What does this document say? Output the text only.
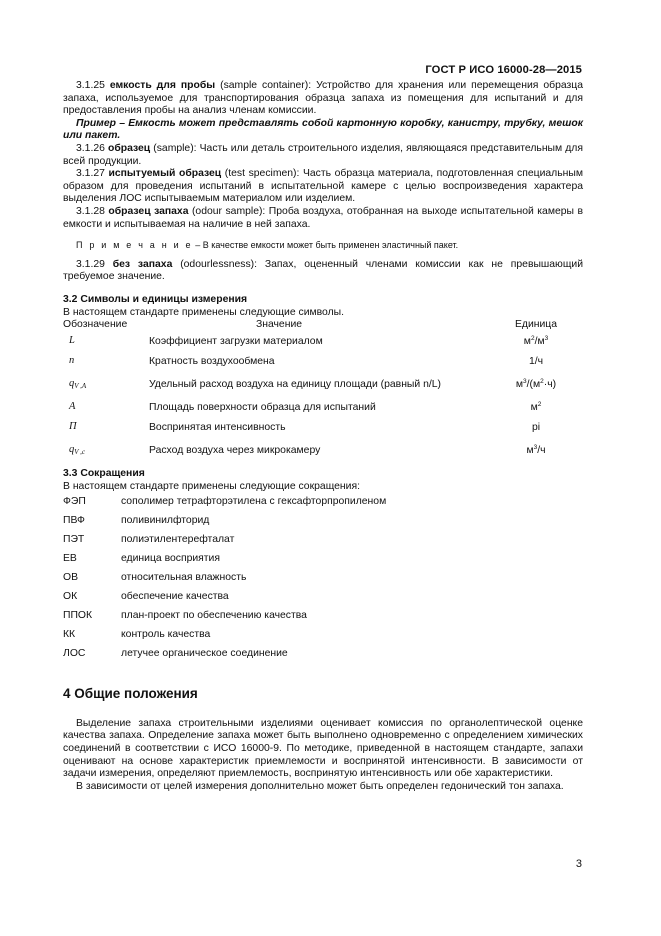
ГОСТ Р ИСО 16000-28—2015

3.1.25 емкость для пробы (sample container): Устройство для хранения или перемещения образца запаха, используемое для транспортирования образца запаха из помещения для испытаний и для предоставления пробы на анализ членам комиссии.

Пример – Емкость может представлять собой картонную коробку, канистру, трубку, мешок или пакет.

3.1.26 образец (sample): Часть или деталь строительного изделия, являющаяся представительным для всей продукции.

3.1.27 испытуемый образец (test specimen): Часть образца материала, подготовленная специальным образом для проведения испытаний в испытательной камере с целью воспроизведения характера выделения ЛОС испытываемым материалом или изделием.

3.1.28 образец запаха (odour sample): Проба воздуха, отобранная на выходе испытательной камеры в емкости и испытываемая на наличие в ней запаха.

П р и м е ч а н и е – В качестве емкости может быть применен эластичный пакет.

3.1.29 без запаха (odourlessness): Запах, оцененный членами комиссии как не превышающий требуемое значение.

3.2 Символы и единицы измерения

В настоящем стандарте применены следующие символы.

Обозначение	Значение	Единица
L	Коэффициент загрузки материалом	$м^2/м^3$
n	Кратность воздухообмена	1/ч
qV ,A	Удельный расход воздуха на единицу площади (равный n/L)	$м^3/(м^2\cdot ч)$
A	Площадь поверхности образца для испытаний	$м^2$
П	Воспринятая интенсивность	pi
qV ,c	Расход воздуха через микрокамеру	$м^3/ч$

3.3 Сокращения

В настоящем стандарте применены следующие сокращения:

ФЭП	сополимер тетрафторэтилена с гексафторпропиленом
ПВФ	поливинилфторид
ПЭТ	полиэтилентерефталат
ЕВ	единица восприятия
ОВ	относительная влажность
ОК	обеспечение качества
ППОК	план-проект по обеспечению качества
КК	контроль качества
ЛОС	летучее органическое соединение

4 Общие положения

Выделение запаха строительными изделиями оценивает комиссия по органолептической оценке качества запаха. Определение запаха может быть выполнено одновременно с определением химических соединений в соответствии с ИСО 16000-9. По методике, приведенной в настоящем стандарте, запахи оценивают на основе характеристик приемлемости и воспринятой интенсивности. В зависимости от задачи измерения, определяют приемлемость, воспринятую интенсивность или обе характеристики.

В зависимости от целей измерения дополнительно может быть определен гедонический тон запаха.

3
